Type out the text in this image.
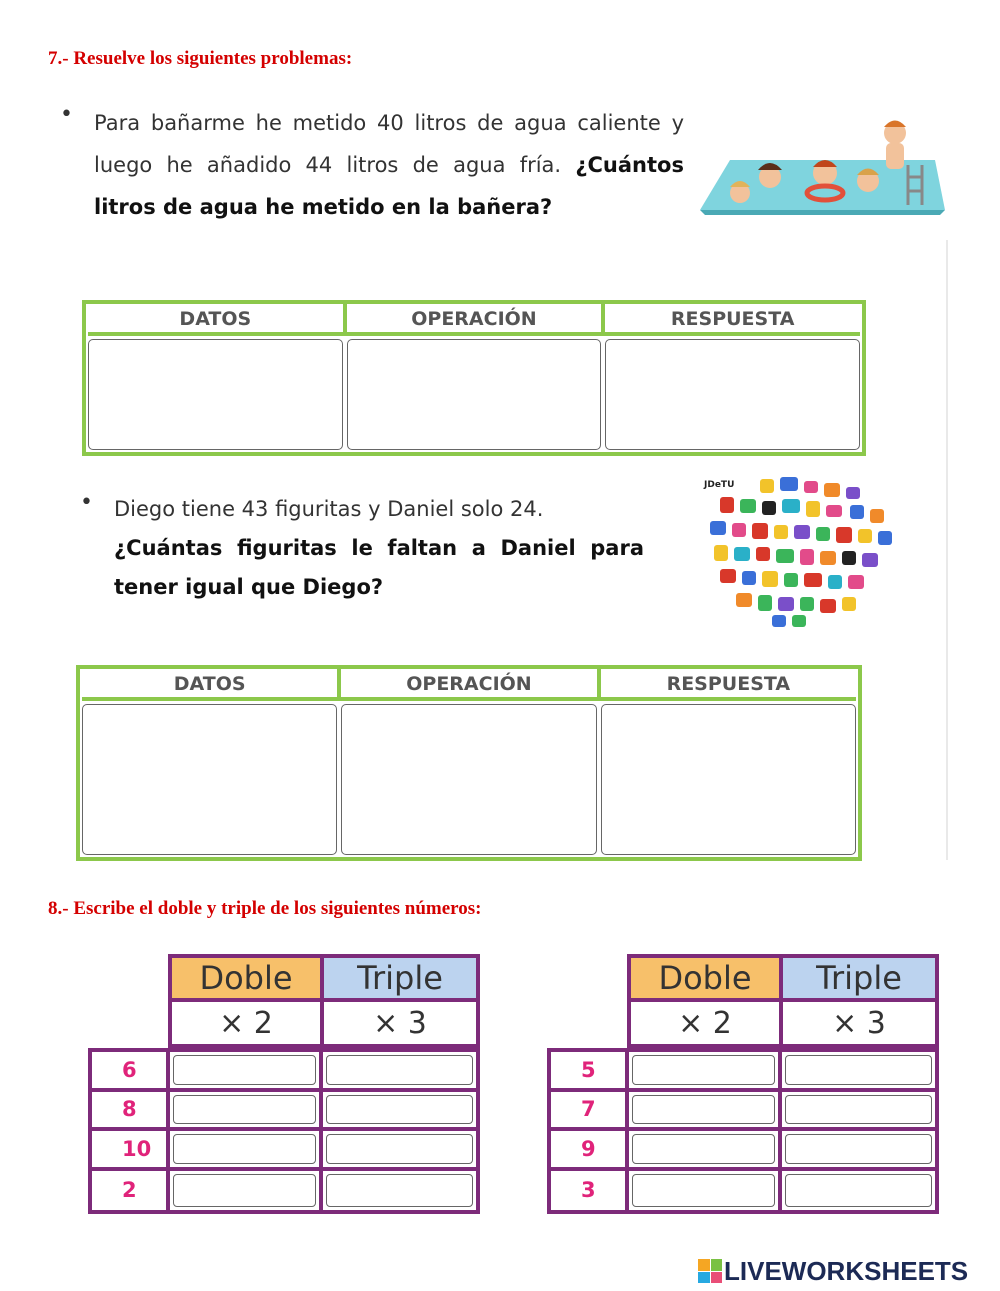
7.- Resuelve los siguientes problemas:
• Para bañarme he metido 40 litros de agua caliente y luego he añadido 44 litros de agua fría. ¿Cuántos litros de agua he metido en la bañera?
DATOS	OPERACIÓN	RESPUESTA
• Diego tiene 43 figuritas y Daniel solo 24.
¿Cuántas figuritas le faltan a Daniel para tener igual que Diego?
JDeTU
DATOS	OPERACIÓN	RESPUESTA
8.- Escribe el doble y triple de los siguientes números:
Doble	Triple
× 2	× 3
6
8
10
2
Doble	Triple
× 2	× 3
5
7
9
3
LIVEWORKSHEETS
